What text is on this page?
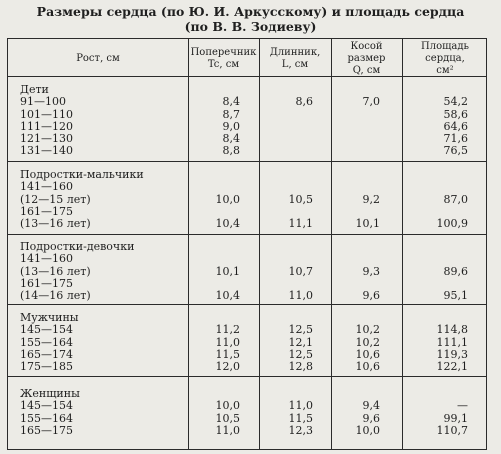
Размеры сердца (по Ю. И. Аркусскому) и площадь сердца
(по В. В. Зодиеву)
Рост, см
Поперечник
Tc, см
Длинник,
L, см
Косой размер
Q, см
Площадь сердца,
см²
Дети
91—100
101—110
111—120
121—130
131—140
8,4
8,7
9,0
8,4
8,8
8,6	7,0	54,2
58,6
64,6
71,6
76,5
Подростки-мальчики
141—160
(12—15 лет)
161—175
(13—16 лет)
10,0
10,4
10,5
11,1
9,2
10,1
87,0
100,9
Подростки-девочки
141—160
(13—16 лет)
161—175
(14—16 лет)
10,1
10,4
10,7
11,0
9,3
9,6
89,6
95,1
Мужчины
145—154
155—164
165—174
175—185
11,2
11,0
11,5
12,0
12,5
12,1
12,5
12,8
10,2
10,2
10,6
10,6
114,8
111,1
119,3
122,1
Женщины
145—154
155—164
165—175
10,0
10,5
11,0
11,0
11,5
12,3
9,4
9,6
10,0
—
99,1
110,7
